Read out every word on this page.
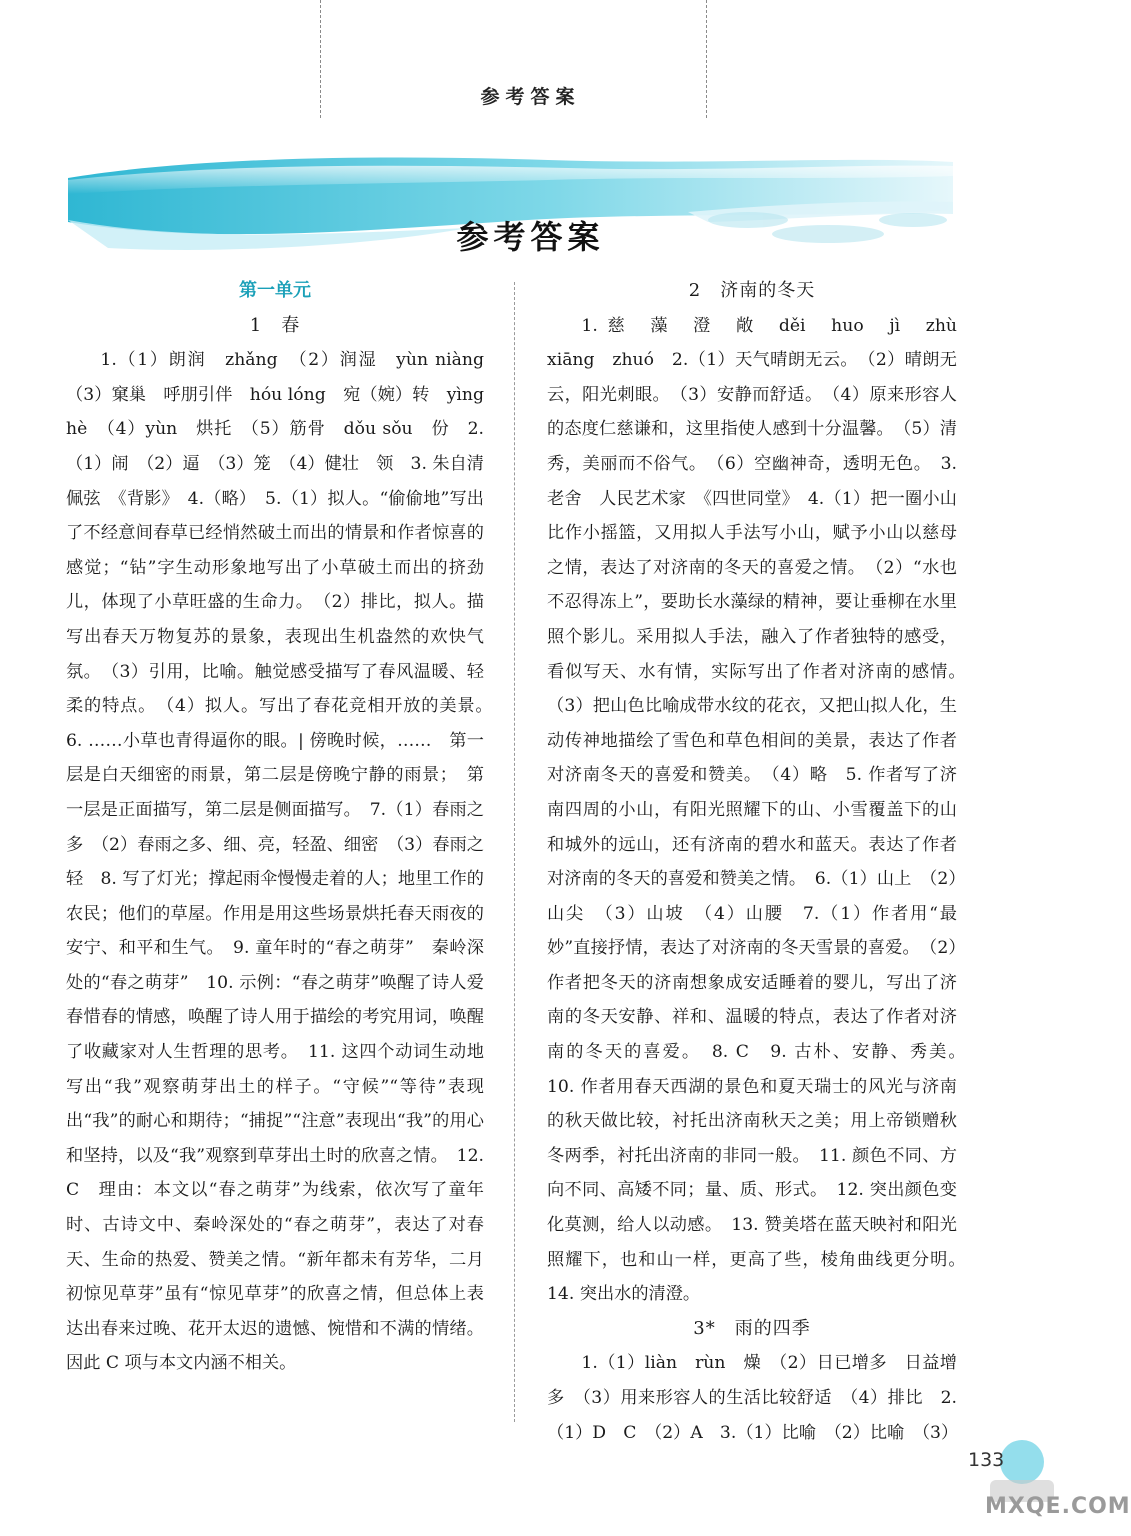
参考答案
参考答案
第一单元
1　春

1.（1）朗润　zhǎng　（2）润湿　yùn niàng　（3）窠巢　呼朋引伴　hóu lóng　宛（婉）转　yìng hè　（4）yùn　烘托　（5）筋骨　dǒu sǒu　份　2.（1）闹　（2）逼　（3）笼　（4）健壮　领　3. 朱自清　佩弦　《背影》　4.（略）　5.（1）拟人。“偷偷地”写出了不经意间春草已经悄然破土而出的情景和作者惊喜的感觉；“钻”字生动形象地写出了小草破土而出的挤劲儿，体现了小草旺盛的生命力。　（2）排比，拟人。描写出春天万物复苏的景象，表现出生机盎然的欢快气氛。　（3）引用，比喻。触觉感受描写了春风温暖、轻柔的特点。　（4）拟人。写出了春花竞相开放的美景。　6. ……小草也青得逼你的眼。| 傍晚时候，……　第一层是白天细密的雨景，第二层是傍晚宁静的雨景；　第一层是正面描写，第二层是侧面描写。　7.（1）春雨之多　（2）春雨之多、细、亮，轻盈、细密　（3）春雨之轻　8. 写了灯光；撑起雨伞慢慢走着的人；地里工作的农民；他们的草屋。作用是用这些场景烘托春天雨夜的安宁、和平和生气。　9. 童年时的“春之萌芽”　秦岭深处的“春之萌芽”　10. 示例：“春之萌芽”唤醒了诗人爱春惜春的情感，唤醒了诗人用于描绘的考究用词，唤醒了收藏家对人生哲理的思考。　11. 这四个动词生动地写出“我”观察萌芽出土的样子。“守候”“等待”表现出“我”的耐心和期待；“捕捉”“注意”表现出“我”的用心和坚持，以及“我”观察到草芽出土时的欣喜之情。　12. C　理由：本文以“春之萌芽”为线索，依次写了童年时、古诗文中、秦岭深处的“春之萌芽”，表达了对春天、生命的热爱、赞美之情。“新年都未有芳华，二月初惊见草芽”虽有“惊见草芽”的欣喜之情，但总体上表达出春来过晚、花开太迟的遗憾、惋惜和不满的情绪。因此 C 项与本文内涵不相关。

2　济南的冬天

1. 慈　藻　澄　敞　děi　huo　jì　zhù　xiāng　zhuó　2.（1）天气晴朗无云。　（2）晴朗无云，阳光刺眼。　（3）安静而舒适。　（4）原来形容人的态度仁慈谦和，这里指使人感到十分温馨。　（5）清秀，美丽而不俗气。　（6）空幽神奇，透明无色。　3. 老舍　人民艺术家　《四世同堂》　4.（1）把一圈小山比作小摇篮，又用拟人手法写小山，赋予小山以慈母之情，表达了对济南的冬天的喜爱之情。　（2）“水也不忍得冻上”，要助长水藻绿的精神，要让垂柳在水里照个影儿。采用拟人手法，融入了作者独特的感受，看似写天、水有情，实际写出了作者对济南的感情。　（3）把山色比喻成带水纹的花衣，又把山拟人化，生动传神地描绘了雪色和草色相间的美景，表达了作者对济南冬天的喜爱和赞美。　（4）略　5. 作者写了济南四周的小山，有阳光照耀下的山、小雪覆盖下的山和城外的远山，还有济南的碧水和蓝天。表达了作者对济南的冬天的喜爱和赞美之情。　6.（1）山上　（2）山尖　（3）山坡　（4）山腰　7.（1）作者用“最妙”直接抒情，表达了对济南的冬天雪景的喜爱。　（2）作者把冬天的济南想象成安适睡着的婴儿，写出了济南的冬天安静、祥和、温暖的特点，表达了作者对济南的冬天的喜爱。　8. C　9. 古朴、安静、秀美。　10. 作者用春天西湖的景色和夏天瑞士的风光与济南的秋天做比较，衬托出济南秋天之美；用上帝锁赠秋冬两季，衬托出济南的非同一般。　11. 颜色不同、方向不同、高矮不同；量、质、形式。　12. 突出颜色变化莫测，给人以动感。　13. 赞美塔在蓝天映衬和阳光照耀下，也和山一样，更高了些，棱角曲线更分明。　14. 突出水的清澄。

3*　雨的四季

1.（1）liàn　rùn　燥　（2）日已增多　日益增多　（3）用来形容人的生活比较舒适　（4）排比　2.（1）D　C　（2）A　3.（1）比喻　（2）比喻　（3）

133
MXQE.COM
